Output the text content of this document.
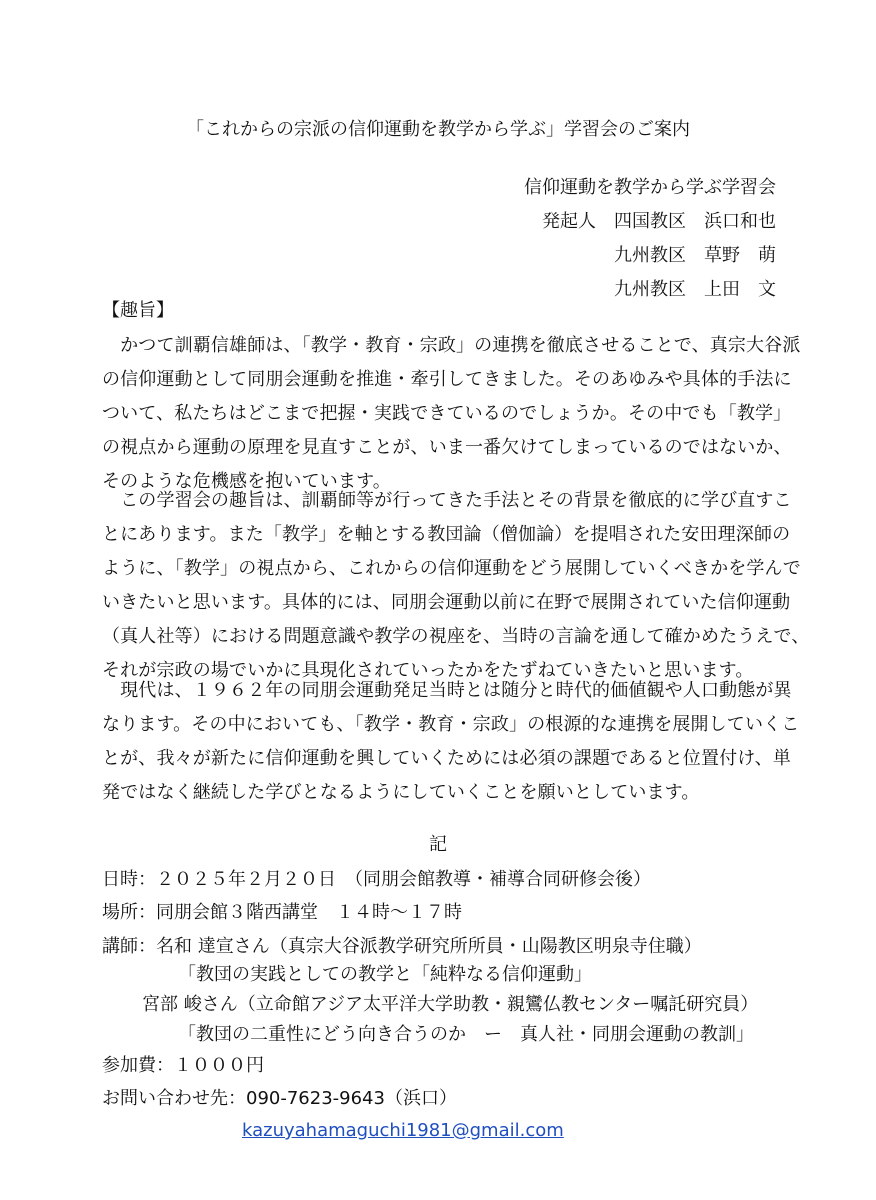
「これからの宗派の信仰運動を教学から学ぶ」学習会のご案内
信仰運動を教学から学ぶ学習会
発起人　四国教区　浜口和也
九州教区　草野　萌
九州教区　上田　文
【趣旨】
　かつて訓覇信雄師は、「教学・教育・宗政」の連携を徹底させることで、真宗大谷派
の信仰運動として同朋会運動を推進・牽引してきました。そのあゆみや具体的手法に
ついて、私たちはどこまで把握・実践できているのでしょうか。その中でも「教学」
の視点から運動の原理を見直すことが、いま一番欠けてしまっているのではないか、
そのような危機感を抱いています。
　この学習会の趣旨は、訓覇師等が行ってきた手法とその背景を徹底的に学び直すこ
とにあります。また「教学」を軸とする教団論（僧伽論）を提唱された安田理深師の
ように、「教学」の視点から、これからの信仰運動をどう展開していくべきかを学んで
いきたいと思います。具体的には、同朋会運動以前に在野で展開されていた信仰運動
（真人社等）における問題意識や教学の視座を、当時の言論を通して確かめたうえで、
それが宗政の場でいかに具現化されていったかをたずねていきたいと思います。
　現代は、１９６２年の同朋会運動発足当時とは随分と時代的価値観や人口動態が異
なります。その中においても、「教学・教育・宗政」の根源的な連携を展開していくこ
とが、我々が新たに信仰運動を興していくためには必須の課題であると位置付け、単
発ではなく継続した学びとなるようにしていくことを願いとしています。
記
日時：２０２５年２月２０日　（同朋会館教導・補導合同研修会後）
場所：同朋会館３階西講堂　１４時〜１７時
講師：名和 達宣さん（真宗大谷派教学研究所所員・山陽教区明泉寺住職）
「教団の実践としての教学と「純粋なる信仰運動」
宮部 峻さん（立命館アジア太平洋大学助教・親鸞仏教センター嘱託研究員）
「教団の二重性にどう向き合うのか　ー　真人社・同朋会運動の教訓」
参加費：１０００円
お問い合わせ先：090-7623-9643（浜口）
kazuyahamaguchi1981@gmail.com
